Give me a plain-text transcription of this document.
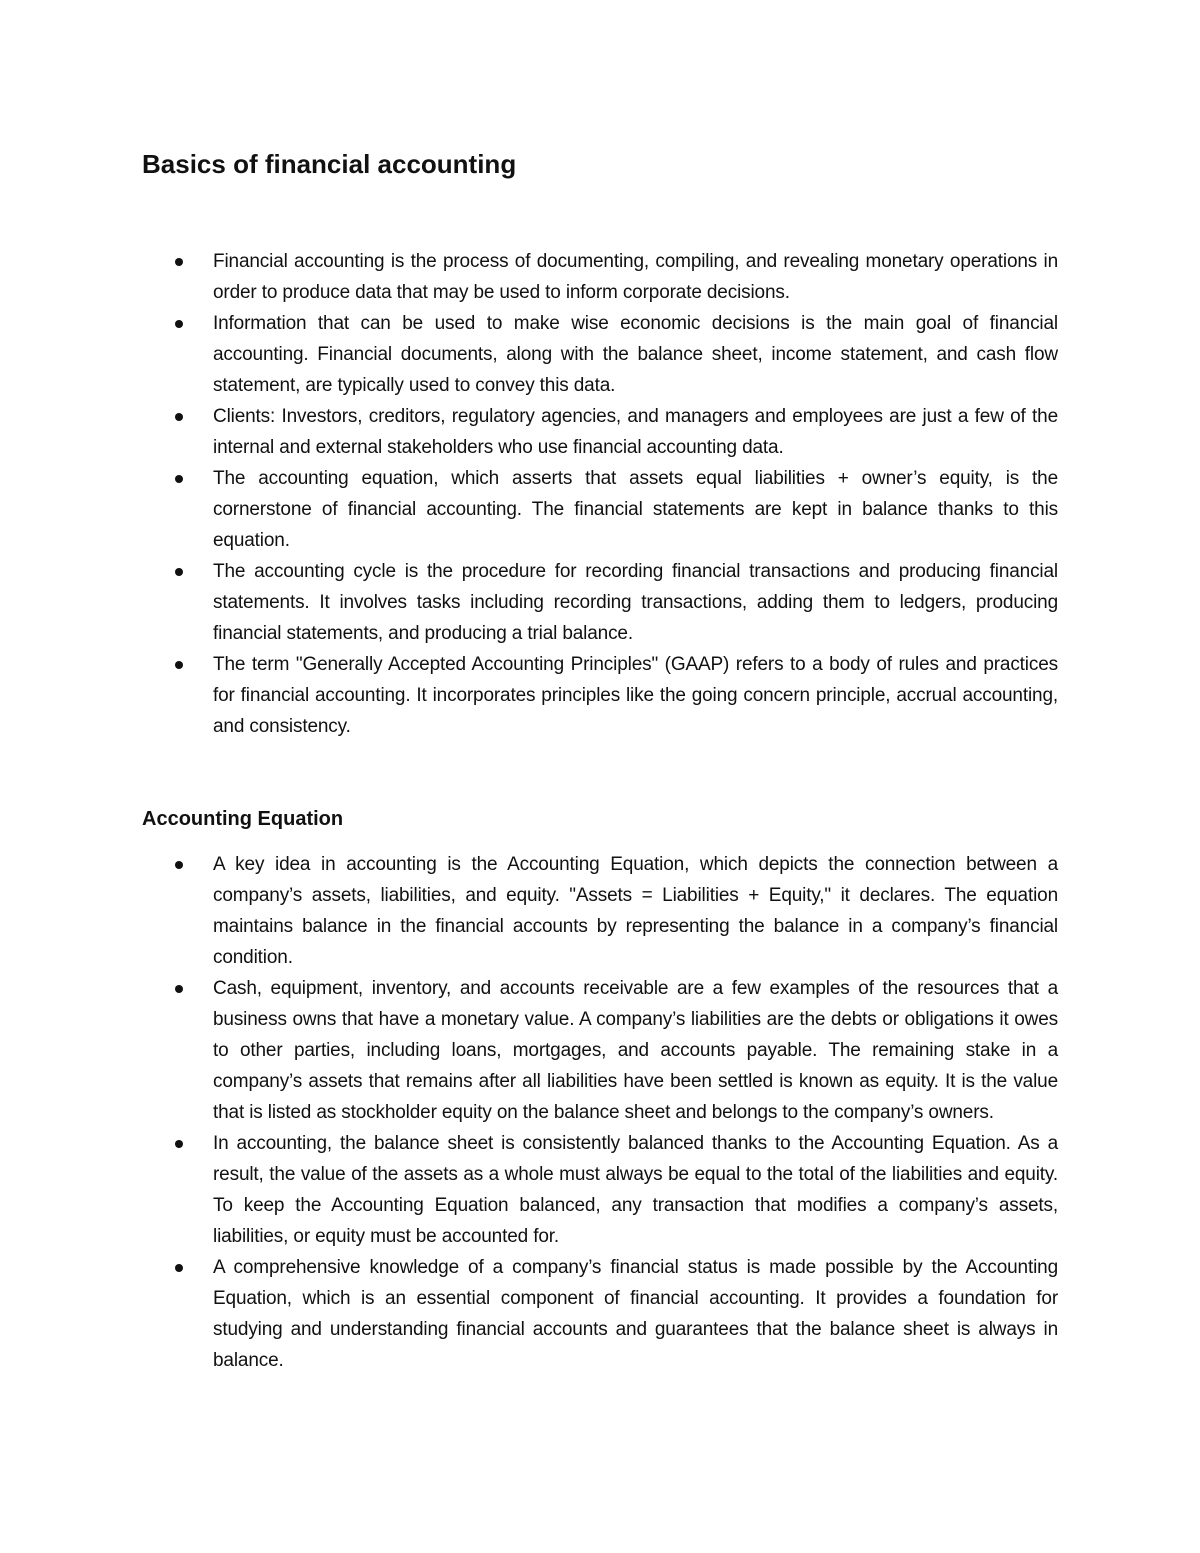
Basics of financial accounting
Financial accounting is the process of documenting, compiling, and revealing monetary operations in order to produce data that may be used to inform corporate decisions.
Information that can be used to make wise economic decisions is the main goal of financial accounting. Financial documents, along with the balance sheet, income statement, and cash flow statement, are typically used to convey this data.
Clients: Investors, creditors, regulatory agencies, and managers and employees are just a few of the internal and external stakeholders who use financial accounting data.
The accounting equation, which asserts that assets equal liabilities + owner’s equity, is the cornerstone of financial accounting. The financial statements are kept in balance thanks to this equation.
The accounting cycle is the procedure for recording financial transactions and producing financial statements. It involves tasks including recording transactions, adding them to ledgers, producing financial statements, and producing a trial balance.
The term "Generally Accepted Accounting Principles" (GAAP) refers to a body of rules and practices for financial accounting. It incorporates principles like the going concern principle, accrual accounting, and consistency.
Accounting Equation
A key idea in accounting is the Accounting Equation, which depicts the connection between a company’s assets, liabilities, and equity. "Assets = Liabilities + Equity," it declares. The equation maintains balance in the financial accounts by representing the balance in a company’s financial condition.
Cash, equipment, inventory, and accounts receivable are a few examples of the resources that a business owns that have a monetary value. A company’s liabilities are the debts or obligations it owes to other parties, including loans, mortgages, and accounts payable. The remaining stake in a company’s assets that remains after all liabilities have been settled is known as equity. It is the value that is listed as stockholder equity on the balance sheet and belongs to the company’s owners.
In accounting, the balance sheet is consistently balanced thanks to the Accounting Equation. As a result, the value of the assets as a whole must always be equal to the total of the liabilities and equity. To keep the Accounting Equation balanced, any transaction that modifies a company’s assets, liabilities, or equity must be accounted for.
A comprehensive knowledge of a company’s financial status is made possible by the Accounting Equation, which is an essential component of financial accounting. It provides a foundation for studying and understanding financial accounts and guarantees that the balance sheet is always in balance.
